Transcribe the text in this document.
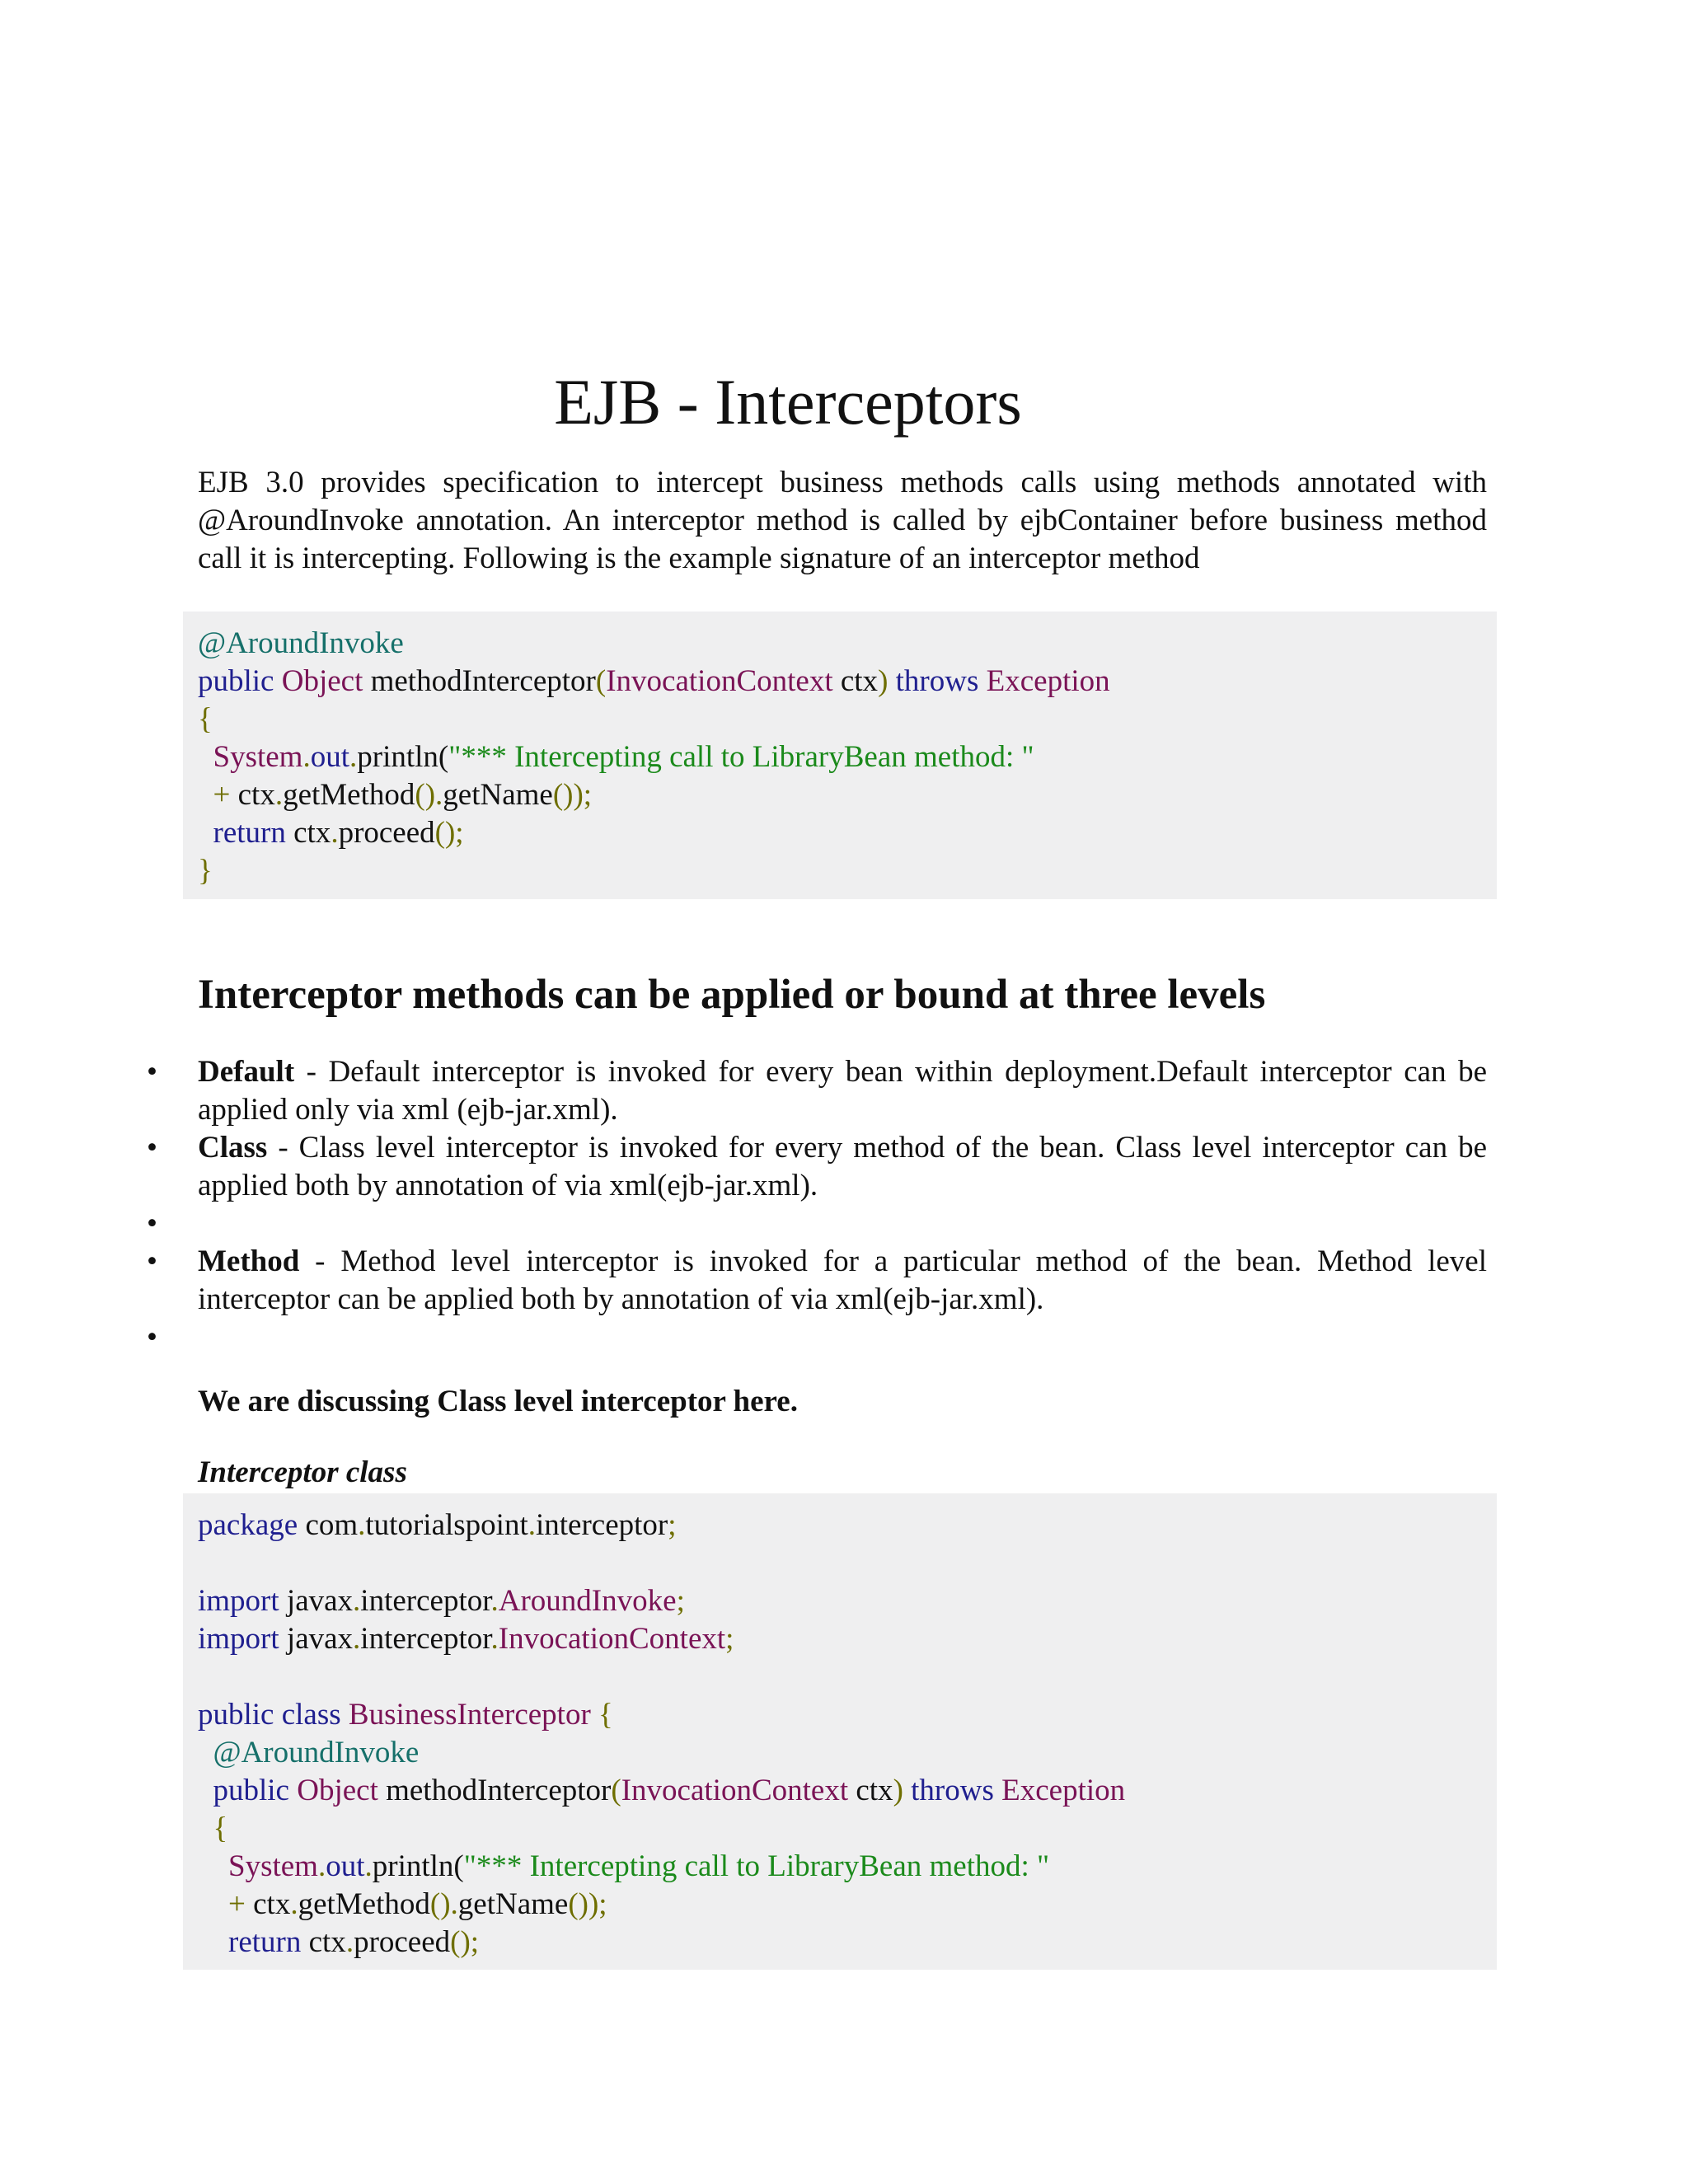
EJB - Interceptors

EJB 3.0 provides specification to intercept business methods calls using methods annotated with @AroundInvoke annotation. An interceptor method is called by ejbContainer before business method call it is intercepting. Following is the example signature of an interceptor method

@AroundInvoke
public Object methodInterceptor(InvocationContext ctx) throws Exception
{
System.out.println("*** Intercepting call to LibraryBean method: "
+ ctx.getMethod().getName());
return ctx.proceed();
}
Interceptor methods can be applied or bound at three levels
• Default - Default interceptor is invoked for every bean within deployment.Default interceptor can be applied only via xml (ejb-jar.xml).
• Class - Class level interceptor is invoked for every method of the bean. Class level interceptor can be applied both by annotation of via xml(ejb-jar.xml).
•
• Method - Method level interceptor is invoked for a particular method of the bean. Method level interceptor can be applied both by annotation of via xml(ejb-jar.xml).
•

We are discussing Class level interceptor here.

Interceptor class

package com.tutorialspoint.interceptor;
import javax.interceptor.AroundInvoke;
import javax.interceptor.InvocationContext;
public class BusinessInterceptor {
@AroundInvoke
public Object methodInterceptor(InvocationContext ctx) throws Exception
{
System.out.println("*** Intercepting call to LibraryBean method: "
+ ctx.getMethod().getName());
return ctx.proceed();
